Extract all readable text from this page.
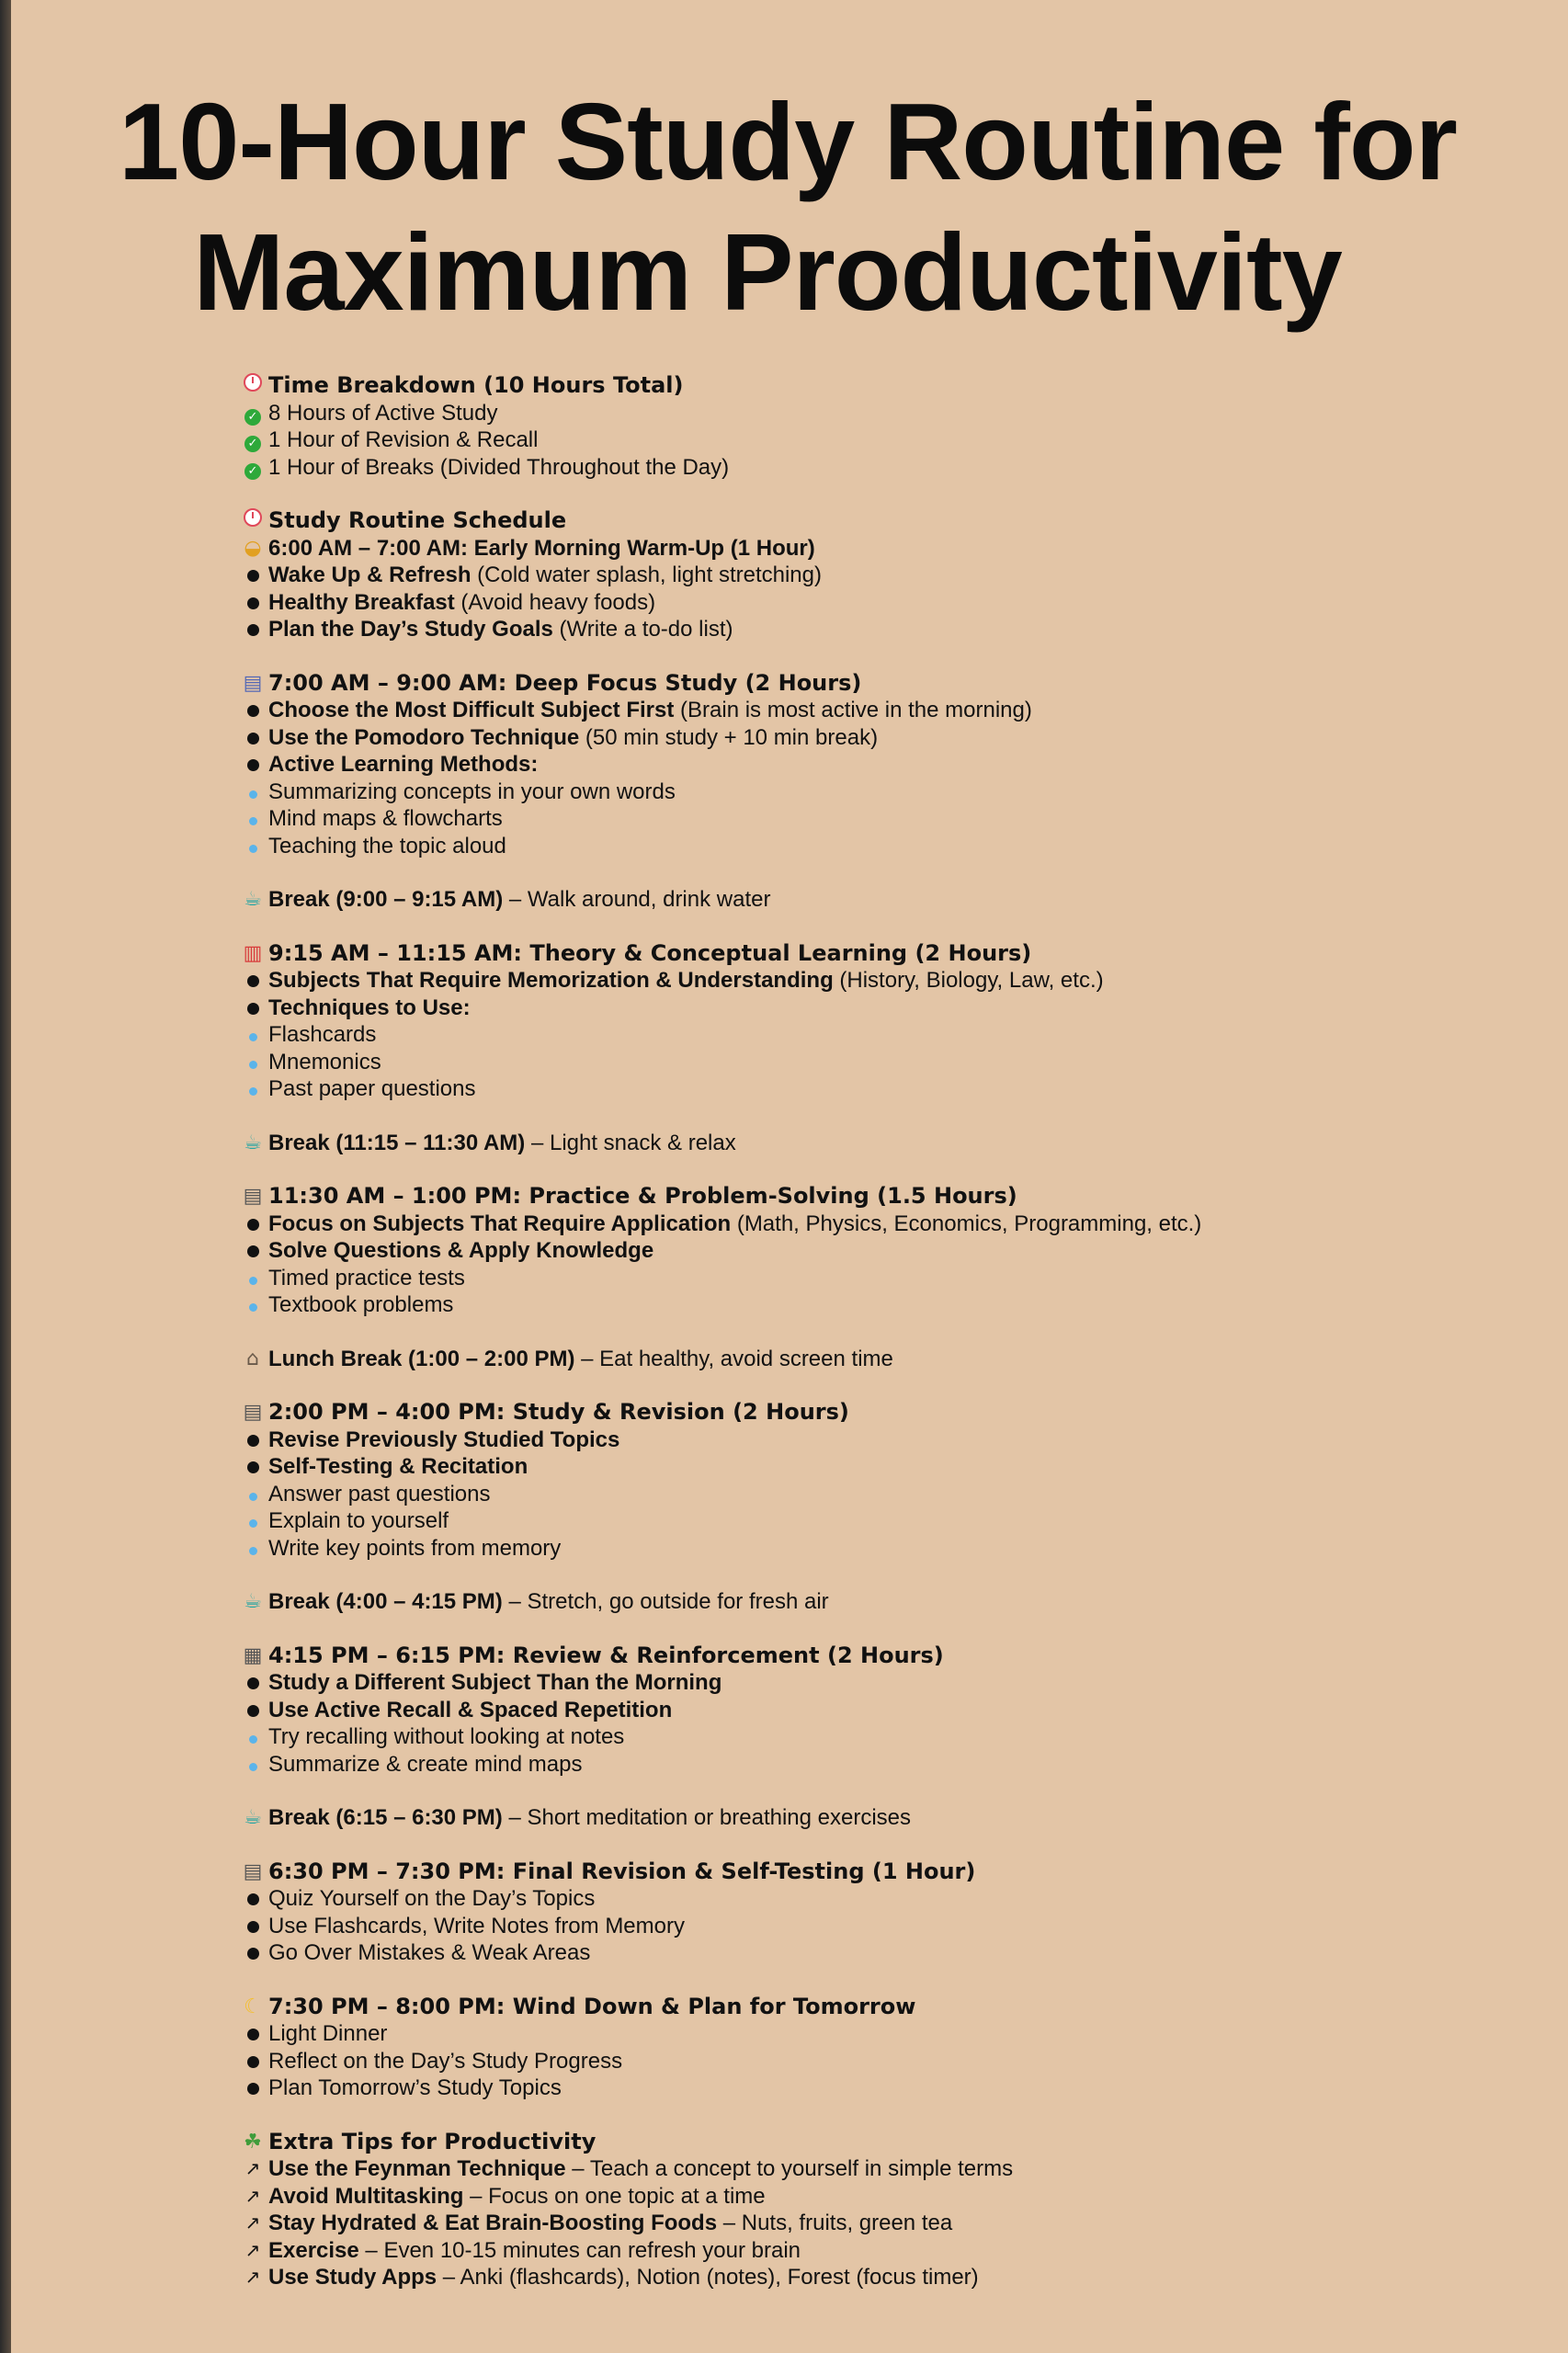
10-Hour Study Routine for
Maximum Productivity
Time Breakdown (10 Hours Total)
✓ 8 Hours of Active Study
✓ 1 Hour of Revision & Recall
✓ 1 Hour of Breaks (Divided Throughout the Day)
Study Routine Schedule
◒ 6:00 AM – 7:00 AM: Early Morning Warm-Up (1 Hour)
Wake Up & Refresh (Cold water splash, light stretching)
Healthy Breakfast (Avoid heavy foods)
Plan the Day’s Study Goals (Write a to-do list)
▤ 7:00 AM – 9:00 AM: Deep Focus Study (2 Hours)
Choose the Most Difficult Subject First (Brain is most active in the morning)
Use the Pomodoro Technique (50 min study + 10 min break)
Active Learning Methods:
Summarizing concepts in your own words
Mind maps & flowcharts
Teaching the topic aloud
☕ Break (9:00 – 9:15 AM) – Walk around, drink water
▥ 9:15 AM – 11:15 AM: Theory & Conceptual Learning (2 Hours)
Subjects That Require Memorization & Understanding (History, Biology, Law, etc.)
Techniques to Use:
Flashcards
Mnemonics
Past paper questions
☕ Break (11:15 – 11:30 AM) – Light snack & relax
▤ 11:30 AM – 1:00 PM: Practice & Problem-Solving (1.5 Hours)
Focus on Subjects That Require Application (Math, Physics, Economics, Programming, etc.)
Solve Questions & Apply Knowledge
Timed practice tests
Textbook problems
⌂ Lunch Break (1:00 – 2:00 PM) – Eat healthy, avoid screen time
▤ 2:00 PM – 4:00 PM: Study & Revision (2 Hours)
Revise Previously Studied Topics
Self-Testing & Recitation
Answer past questions
Explain to yourself
Write key points from memory
☕ Break (4:00 – 4:15 PM) – Stretch, go outside for fresh air
▦ 4:15 PM – 6:15 PM: Review & Reinforcement (2 Hours)
Study a Different Subject Than the Morning
Use Active Recall & Spaced Repetition
Try recalling without looking at notes
Summarize & create mind maps
☕ Break (6:15 – 6:30 PM) – Short meditation or breathing exercises
▤ 6:30 PM – 7:30 PM: Final Revision & Self-Testing (1 Hour)
Quiz Yourself on the Day’s Topics
Use Flashcards, Write Notes from Memory
Go Over Mistakes & Weak Areas
☾ 7:30 PM – 8:00 PM: Wind Down & Plan for Tomorrow
Light Dinner
Reflect on the Day’s Study Progress
Plan Tomorrow’s Study Topics
☘ Extra Tips for Productivity
↗ Use the Feynman Technique – Teach a concept to yourself in simple terms
↗ Avoid Multitasking – Focus on one topic at a time
↗ Stay Hydrated & Eat Brain-Boosting Foods – Nuts, fruits, green tea
↗ Exercise – Even 10-15 minutes can refresh your brain
↗ Use Study Apps – Anki (flashcards), Notion (notes), Forest (focus timer)
